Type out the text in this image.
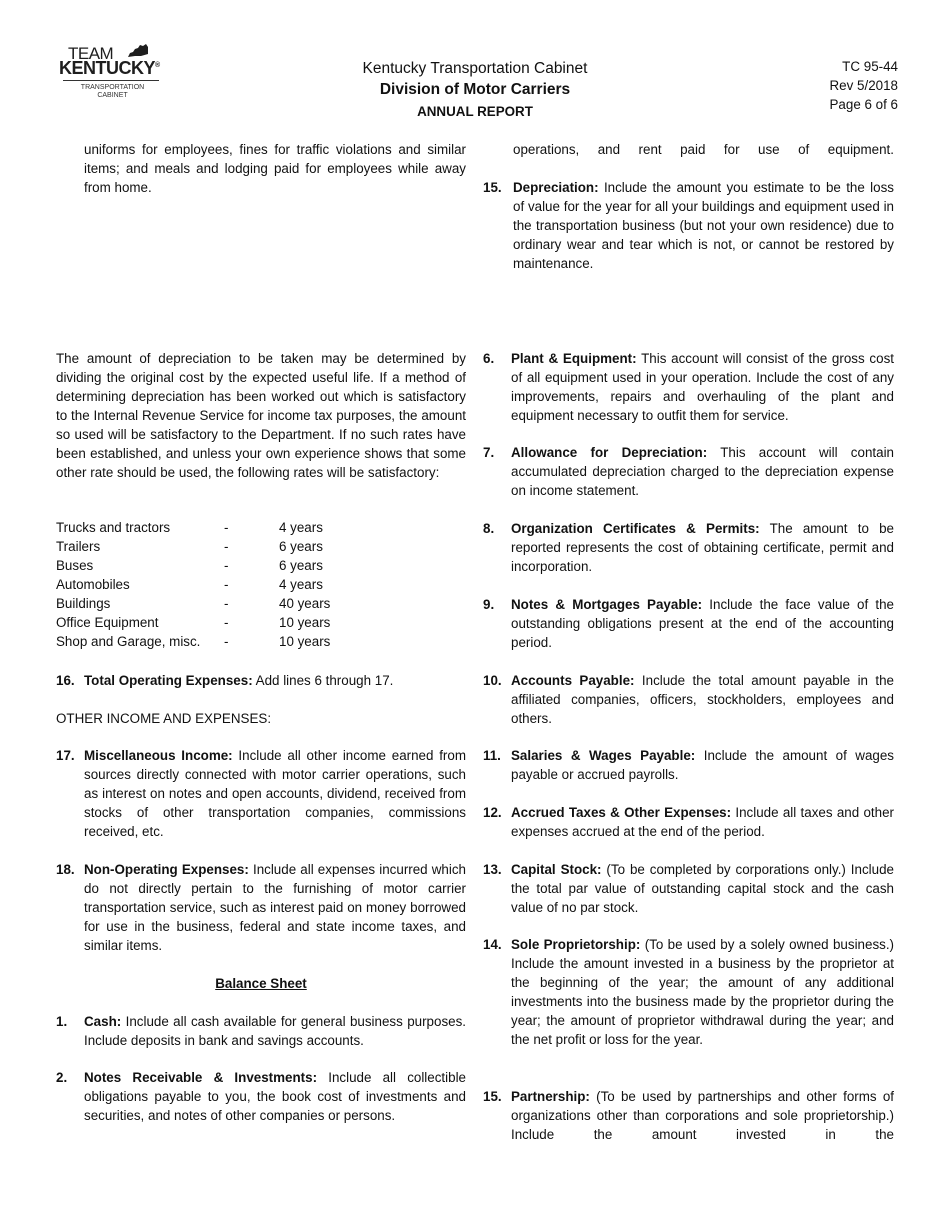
TEAM
KENTUCKY®
TRANSPORTATION
CABINET
Kentucky Transportation Cabinet
Division of Motor Carriers
ANNUAL REPORT
TC 95-44
Rev 5/2018
Page 6 of 6
uniforms for employees, fines for traffic violations and similar items; and meals and lodging paid for employees while away from home.
operations, and rent paid for use of equipment.
15. Depreciation: Include the amount you estimate to be the loss of value for the year for all your buildings and equipment used in the transportation business (but not your own residence) due to ordinary wear and tear which is not, or cannot be restored by maintenance.
The amount of depreciation to be taken may be determined by dividing the original cost by the expected useful life. If a method of determining depreciation has been worked out which is satisfactory to the Internal Revenue Service for income tax purposes, the amount so used will be satisfactory to the Department. If no such rates have been established, and unless your own experience shows that some other rate should be used, the following rates will be satisfactory:
Trucks and tractors	-	4 years
Trailers	-	6 years
Buses	-	6 years
Automobiles	-	4 years
Buildings	-	40 years
Office Equipment	-	10 years
Shop and Garage, misc. -	10 years
16. Total Operating Expenses: Add lines 6 through 17.
OTHER INCOME AND EXPENSES:
17. Miscellaneous Income: Include all other income earned from sources directly connected with motor carrier operations, such as interest on notes and open accounts, dividend, received from stocks of other transportation companies, commissions received, etc.
18. Non-Operating Expenses: Include all expenses incurred which do not directly pertain to the furnishing of motor carrier transportation service, such as interest paid on money borrowed for use in the business, federal and state income taxes, and similar items.
Balance Sheet
1. Cash: Include all cash available for general business purposes. Include deposits in bank and savings accounts.
2. Notes Receivable & Investments: Include all collectible obligations payable to you, the book cost of investments and securities, and notes of other companies or persons.
6. Plant & Equipment: This account will consist of the gross cost of all equipment used in your operation. Include the cost of any improvements, repairs and overhauling of the plant and equipment necessary to outfit them for service.
7. Allowance for Depreciation: This account will contain accumulated depreciation charged to the depreciation expense on income statement.
8. Organization Certificates & Permits: The amount to be reported represents the cost of obtaining certificate, permit and incorporation.
9. Notes & Mortgages Payable: Include the face value of the outstanding obligations present at the end of the accounting period.
10. Accounts Payable: Include the total amount payable in the affiliated companies, officers, stockholders, employees and others.
11. Salaries & Wages Payable: Include the amount of wages payable or accrued payrolls.
12. Accrued Taxes & Other Expenses: Include all taxes and other expenses accrued at the end of the period.
13. Capital Stock: (To be completed by corporations only.) Include the total par value of outstanding capital stock and the cash value of no par stock.
14. Sole Proprietorship: (To be used by a solely owned business.) Include the amount invested in a business by the proprietor at the beginning of the year; the amount of any additional investments into the business made by the proprietor during the year; the amount of proprietor withdrawal during the year; and the net profit or loss for the year.
15. Partnership: (To be used by partnerships and other forms of organizations other than corporations and sole proprietorship.) Include the amount invested in the
